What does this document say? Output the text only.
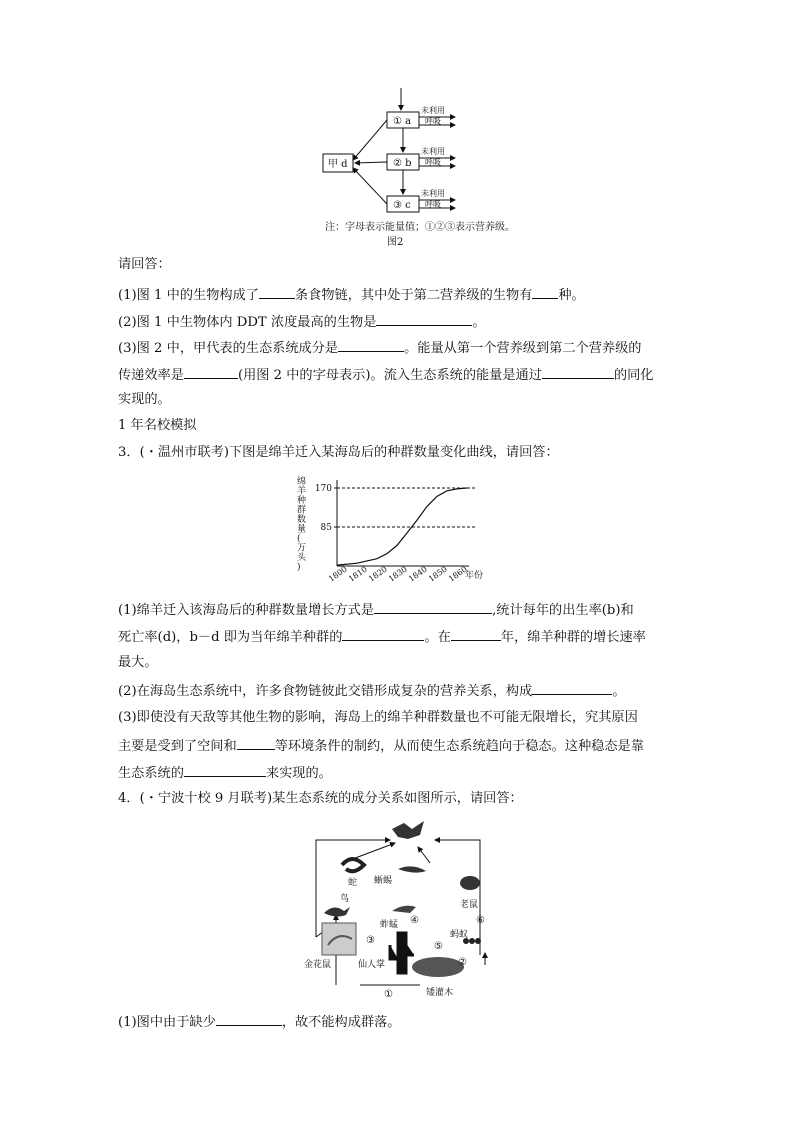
① a
② b
③ c
甲 d
未利用
呼吸
未利用
呼吸
未利用
呼吸
注：字母表示能量值；①②③表示营养级。
图2
请回答：
(1)图 1 中的生物构成了	条食物链，其中处于第二营养级的生物有 种。
(2)图 1 中生物体内 DDT 浓度最高的生物是	。
(3)图 2 中，甲代表的生态系统成分是	。能量从第一个营养级到第二个营养级的
传递效率是	(用图 2 中的字母表示)。流入生态系统的能量是通过	的同化
实现的。
1 年名校模拟
3．(・温州市联考)下图是绵羊迁入某海岛后的种群数量变化曲线，请回答：
85
170
1800
1810
1820
1830
1840
1850
1860
年份
绵
羊
种
群
数
量
(
万
头
)
(1)绵羊迁入该海岛后的种群数量增长方式是	,统计每年的出生率(b)和
死亡率(d)，b－d 即为当年绵羊种群的	。在	年，绵羊种群的增长速率
最大。
(2)在海岛生态系统中，许多食物链彼此交错形成复杂的营养关系，构成	。
(3)即使没有天敌等其他生物的影响，海岛上的绵羊种群数量也不可能无限增长，究其原因
主要是受到了空间和	等环境条件的制约，从而使生态系统趋向于稳态。这种稳态是靠
生态系统的	来实现的。
4．(・宁波十校 9 月联考)某生态系统的成分关系如图所示，请回答：
蛇 蜥蜴
鸟
蚱蜢
老鼠
蚂蚁
金花鼠	仙人掌
矮灌木
①
②
③
④
⑤
⑥
(1)图中由于缺少	，故不能构成群落。
